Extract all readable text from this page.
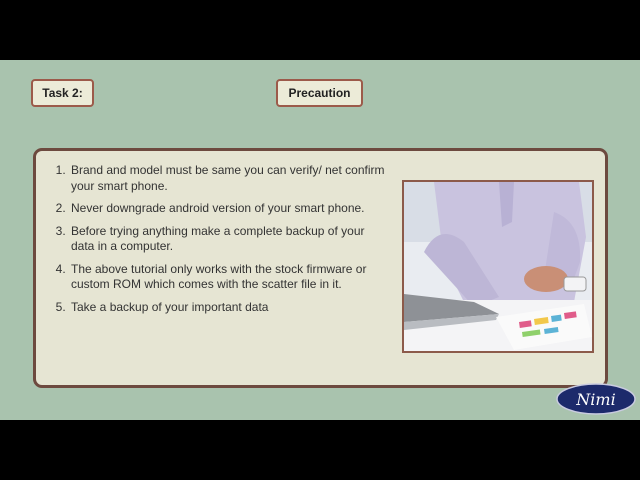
Task 2:	Precaution
1. Brand and model must be same you can verify/ net confirm your smart phone.
2. Never downgrade android version of your smart phone.
3. Before trying anything make a complete backup of your data in a computer.
4. The above tutorial only works with the stock firmware or custom ROM which comes with the scatter file in it.
5. Take a backup of your important data
Nimi
